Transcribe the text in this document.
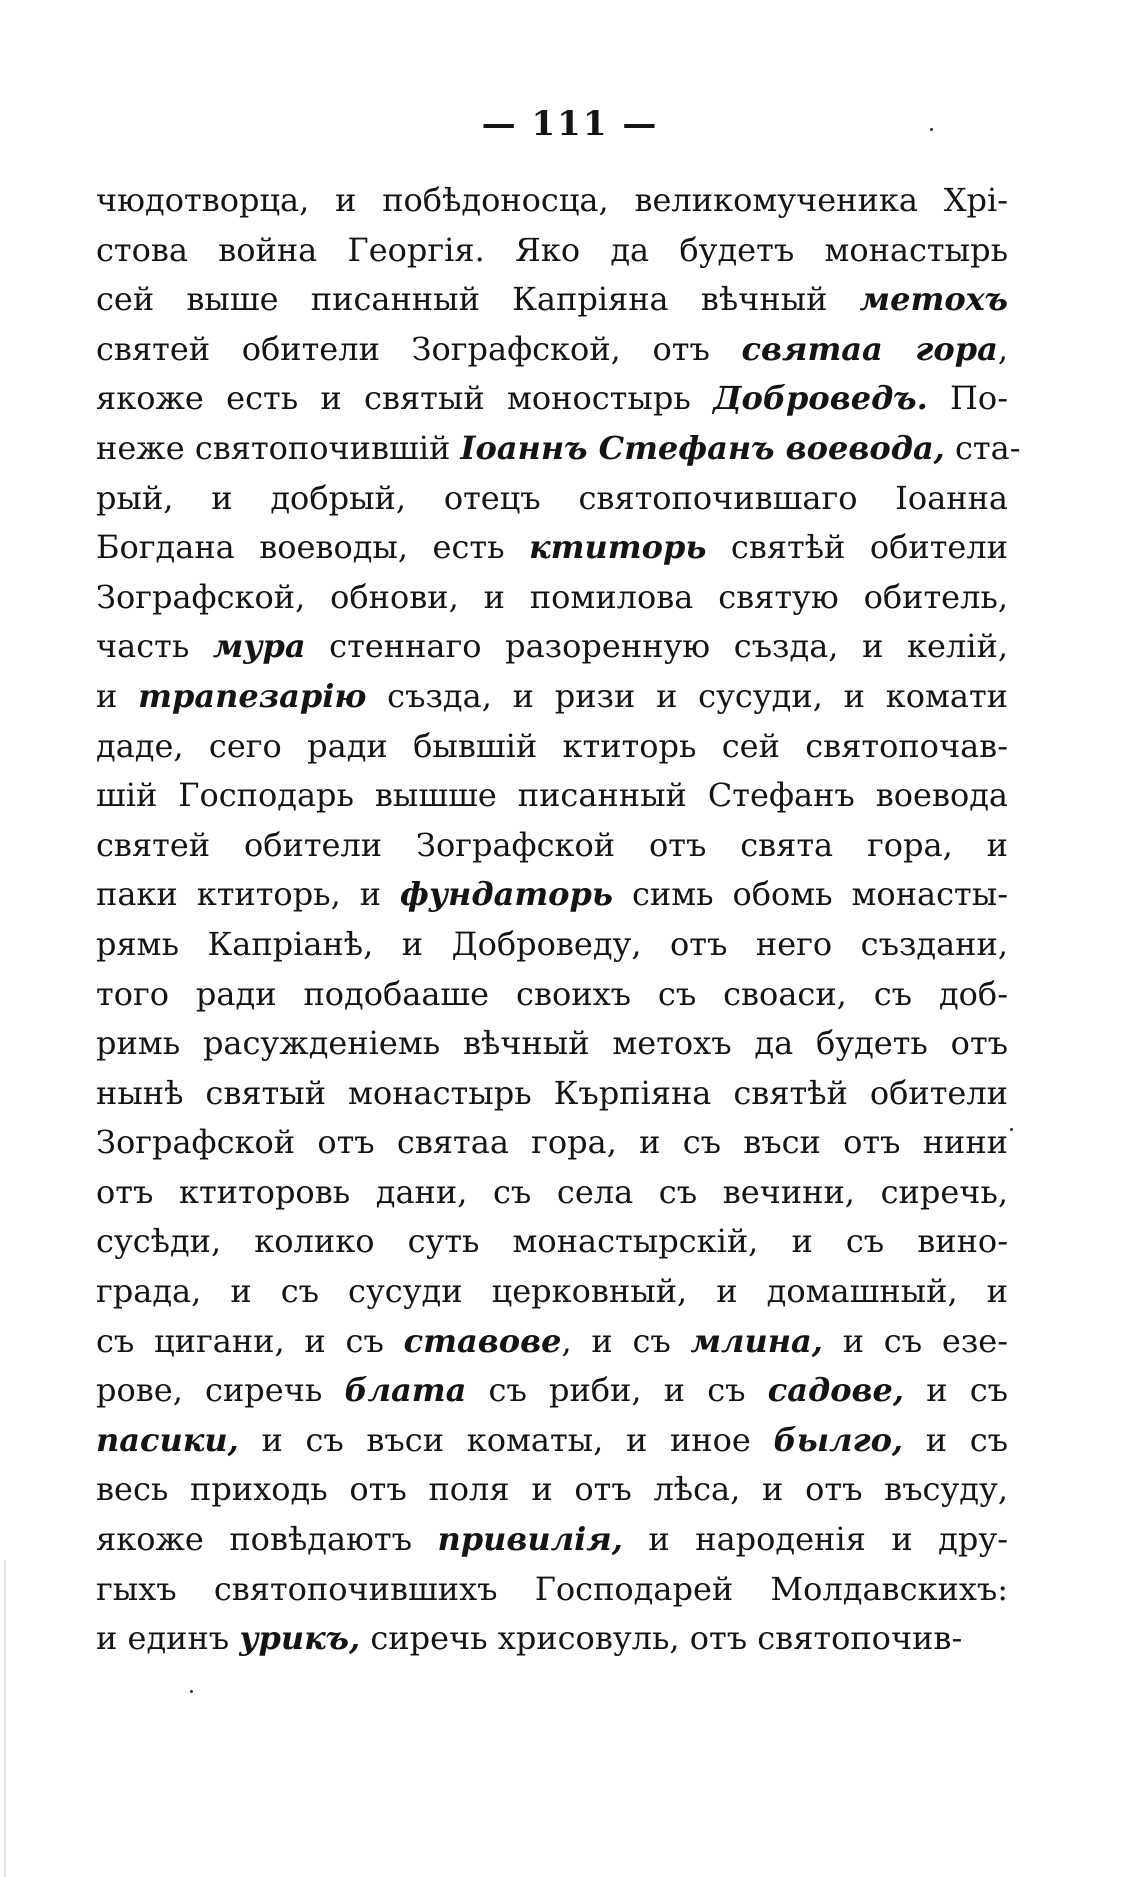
— 111 —
чюдотворца, и побѣдоносца, великомученика Хрі-
стова война Георгія. Яко да будетъ монастырь
сей выше писанный Капріяна вѣчный метохъ
святей обители Зографской, отъ святаа гора,
якоже есть и святый моностырь Доброведъ. По-
неже святопочившій Іоаннъ Стефанъ воевода, ста-
рый, и добрый, отецъ святопочившаго Іоанна
Богдана воеводы, есть ктиторь святѣй обители
Зографской, обнови, и помилова святую обитель,
часть мура стеннаго разоренную създа, и келій,
и трапезарію създа, и ризи и сусуди, и комати
даде, сего ради бывшій ктиторь сей святопочав-
шій Господарь вышше писанный Стефанъ воевода
святей обители Зографской отъ свята гора, и
паки ктиторь, и фундаторь симь обомь монасты-
рямь Капріанѣ, и Доброведу, отъ него създани,
того ради подобааше своихъ съ своаси, съ доб-
римь расужденіемь вѣчный метохъ да будеть отъ
нынѣ святый монастырь Кърпіяна святѣй обители
Зографской отъ святаа гора, и съ въси отъ нини
отъ ктиторовь дани, съ села съ вечини, сиречь,
сусѣди, колико суть монастырскій, и съ вино-
града, и съ сусуди церковный, и домашный, и
съ цигани, и съ ставове, и съ млина, и съ езе-
рове, сиречь блата съ риби, и съ садове, и съ
пасики, и съ въси коматы, и иное былго, и съ
весь приходь отъ поля и отъ лѣса, и отъ въсуду,
якоже повѣдаютъ привилія, и народенія и дру-
гыхъ святопочившихъ Господарей Молдавскихъ:
и единъ урикъ, сиречь хрисовуль, отъ святопочив-
